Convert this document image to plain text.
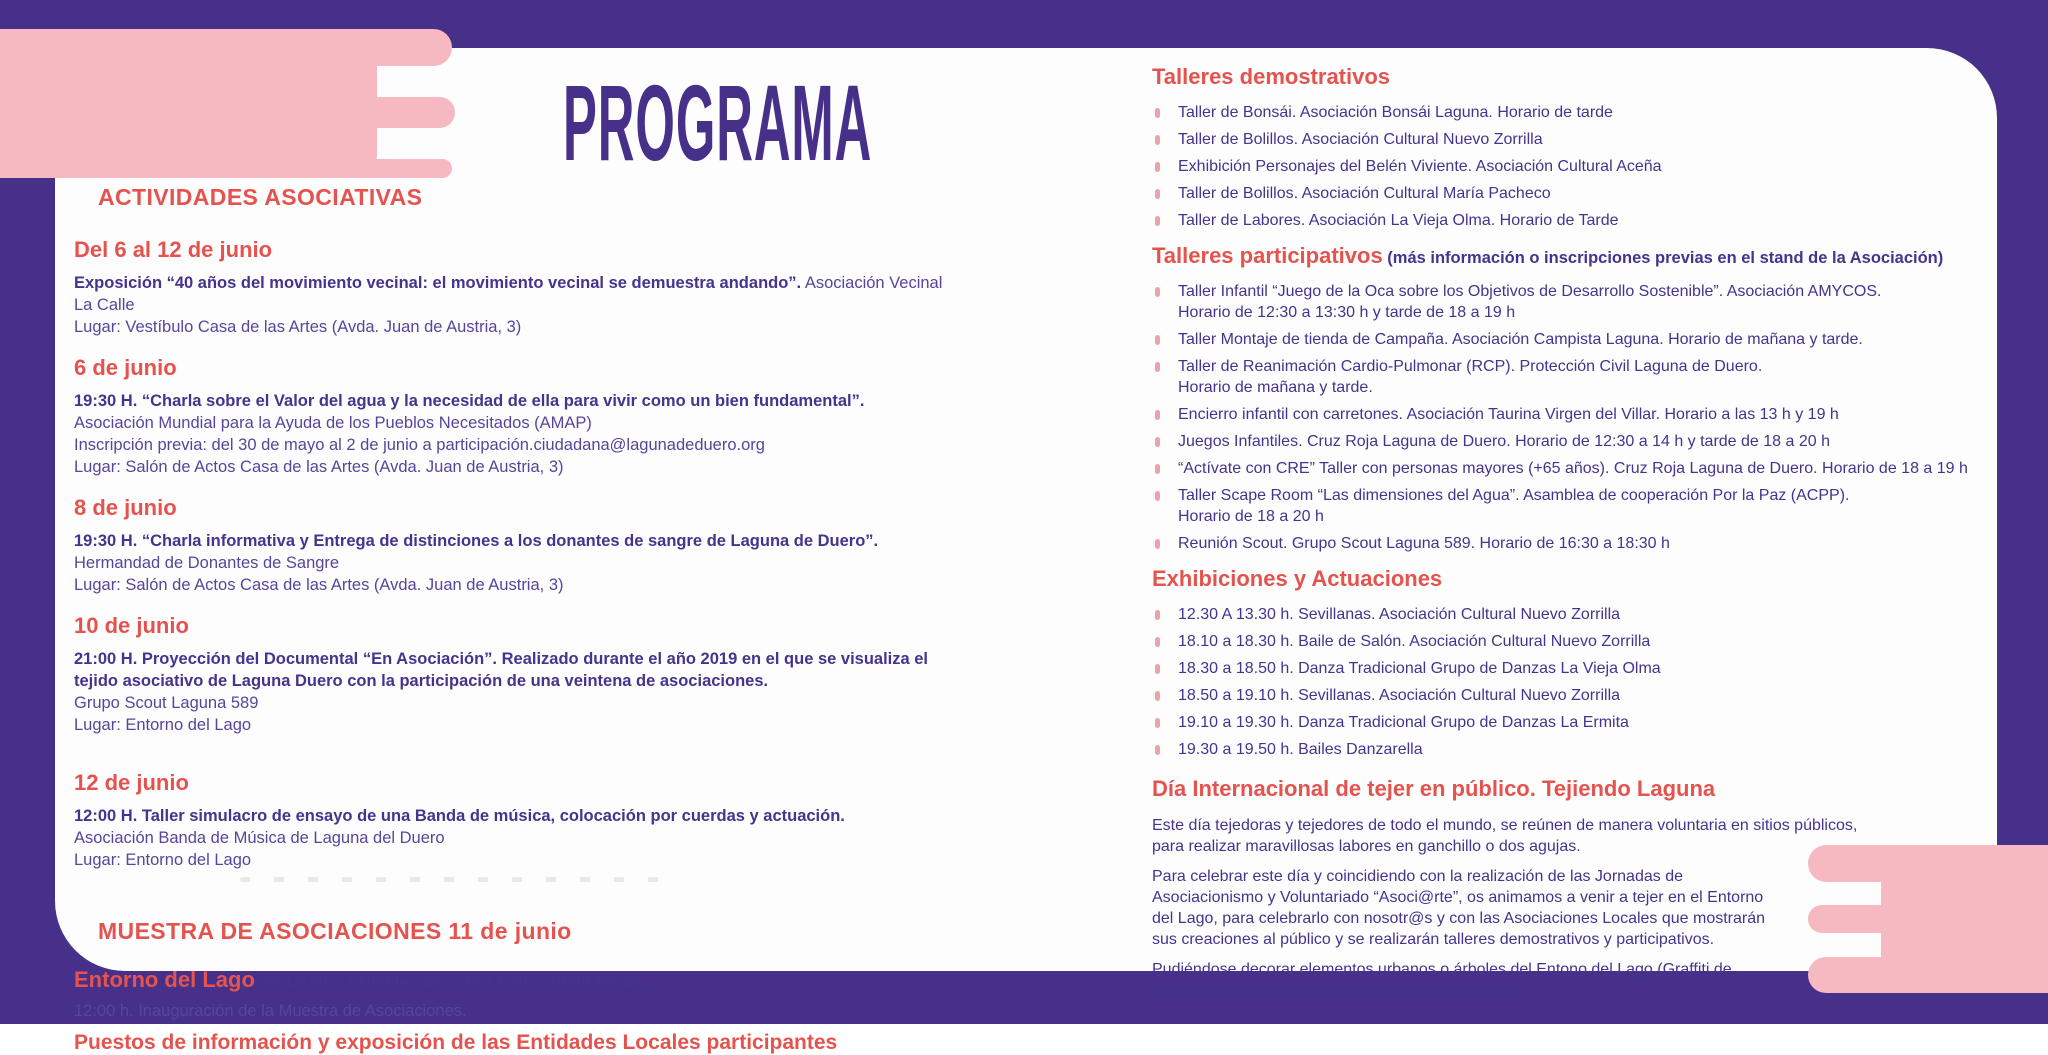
PROGRAMA
ACTIVIDADES ASOCIATIVAS
Del 6 al 12 de junio
Exposición “40 años del movimiento vecinal: el movimiento vecinal se demuestra andando”. Asociación Vecinal La Calle
Lugar: Vestíbulo Casa de las Artes (Avda. Juan de Austria, 3)
6 de junio
19:30 H. “Charla sobre el Valor del agua y la necesidad de ella para vivir como un bien fundamental”.
Asociación Mundial para la Ayuda de los Pueblos Necesitados (AMAP)
Inscripción previa: del 30 de mayo al 2 de junio a participación.ciudadana@lagunadeduero.org
Lugar: Salón de Actos Casa de las Artes (Avda. Juan de Austria, 3)
8 de junio
19:30 H. “Charla informativa y Entrega de distinciones a los donantes de sangre de Laguna de Duero”.
Hermandad de Donantes de Sangre
Lugar: Salón de Actos Casa de las Artes (Avda. Juan de Austria, 3)
10 de junio
21:00 H. Proyección del Documental “En Asociación”. Realizado durante el año 2019 en el que se visualiza el
tejido asociativo de Laguna Duero con la participación de una veintena de asociaciones.
Grupo Scout Laguna 589
Lugar: Entorno del Lago
12 de junio
12:00 H. Taller simulacro de ensayo de una Banda de música, colocación por cuerdas y actuación.
Asociación Banda de Música de Laguna del Duero
Lugar: Entorno del Lago
MUESTRA DE ASOCIACIONES 11 de junio
Entorno del Lago de 12:00 a 14:00 horas y de 17:30 a 20:00 horas.
12:00 h. Inauguración de la Muestra de Asociaciones.
Puestos de información y exposición de las Entidades Locales participantes
Talleres demostrativos
Taller de Bonsái. Asociación Bonsái Laguna. Horario de tarde
Taller de Bolillos. Asociación Cultural Nuevo Zorrilla
Exhibición Personajes del Belén Viviente. Asociación Cultural Aceña
Taller de Bolillos. Asociación Cultural María Pacheco
Taller de Labores. Asociación La Vieja Olma. Horario de Tarde
Talleres participativos (más información o inscripciones previas en el stand de la Asociación)
Taller Infantil “Juego de la Oca sobre los Objetivos de Desarrollo Sostenible”. Asociación AMYCOS.
Horario de 12:30 a 13:30 h y tarde de 18 a 19 h
Taller Montaje de tienda de Campaña. Asociación Campista Laguna. Horario de mañana y tarde.
Taller de Reanimación Cardio-Pulmonar (RCP). Protección Civil Laguna de Duero.
Horario de mañana y tarde.
Encierro infantil con carretones. Asociación Taurina Virgen del Villar. Horario a las 13 h y 19 h
Juegos Infantiles. Cruz Roja Laguna de Duero. Horario de 12:30 a 14 h y tarde de 18 a 20 h
“Actívate con CRE” Taller con personas mayores (+65 años). Cruz Roja Laguna de Duero. Horario de 18 a 19 h
Taller Scape Room “Las dimensiones del Agua”. Asamblea de cooperación Por la Paz (ACPP).
Horario de 18 a 20 h
Reunión Scout. Grupo Scout Laguna 589. Horario de 16:30 a 18:30 h
Exhibiciones y Actuaciones
12.30 A 13.30 h. Sevillanas. Asociación Cultural Nuevo Zorrilla
18.10 a 18.30 h. Baile de Salón. Asociación Cultural Nuevo Zorrilla
18.30 a 18.50 h. Danza Tradicional Grupo de Danzas La Vieja Olma
18.50 a 19.10 h. Sevillanas. Asociación Cultural Nuevo Zorrilla
19.10 a 19.30 h. Danza Tradicional Grupo de Danzas La Ermita
19.30 a 19.50 h. Bailes Danzarella
Día Internacional de tejer en público. Tejiendo Laguna
Este día tejedoras y tejedores de todo el mundo, se reúnen de manera voluntaria en sitios públicos,
para realizar maravillosas labores en ganchillo o dos agujas.
Para celebrar este día y coincidiendo con la realización de las Jornadas de
Asociacionismo y Voluntariado “Asoci@rte”, os animamos a venir a tejer en el Entorno
del Lago, para celebrarlo con nosotr@s y con las Asociaciones Locales que mostrarán
sus creaciones al público y se realizarán talleres demostrativos y participativos.
Pudiéndose decorar elementos urbanos o árboles del Entono del Lago (Graffiti de
Lana) con los trabajos realizados a lo largo del día.
